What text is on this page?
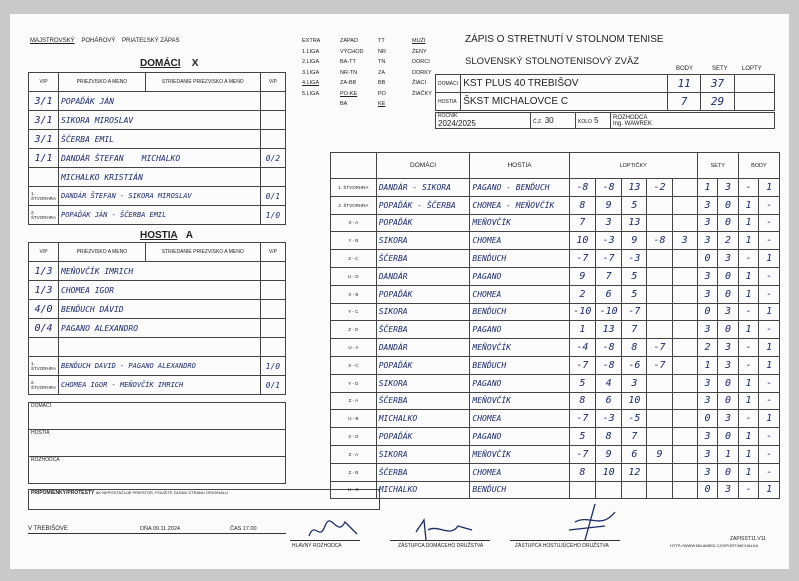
MAJSTROVSKÝ POHÁROVÝ PRIATEĽSKÝ ZÁPAS	EXTRA	ZÁPAD	TT	MUŽI
1.LIGA	VÝCHOD	NR	ŽENY
2.LIGA	BA-TT	TN	DORCI
3.LIGA	NR-TN	ZA	DORKY
4.LIGA	ZA-BB	BB	ŽIACI
5.LIGA	PO-KE	PO	ŽIAČKY
BA	KE
ZÁPIS O STRETNUTÍ V STOLNOM TENISE
SLOVENSKÝ STOLNOTENISOVÝ ZVÄZ
BODY	SETY LOPTY
DOMÁCI	KST PLUS 40 TREBIŠOV	11	37	
HOSTIA	ŠKST MICHALOVCE C	7	29	
ROČNÍK
2024/2025	Č.Z. 30	KOLO 5	ROZHODCA
Ing. WAWREK
DOMÁCI X
V/P	PRIEZVISKO A MENO	STRIEDANIE PRIEZVISKO A MENO	V/P
3/1	POPAĎÁK JÁN		
3/1	SIKORA MIROSLAV		
3/1	ŠČERBA EMIL		
1/1	DANDÁR ŠTEFAN MICHALKO		0/2
	MICHALKO KRISTIÁN		
1. ŠTVORHRA	DANDÁR ŠTEFAN - SIKORA MIROSLAV		0/1
2. ŠTVORHRA	POPAĎÁK JÁN - ŠČERBA EMIL		1/0
HOSTIA A
V/P	PRIEZVISKO A MENO	STRIEDANIE PRIEZVISKO A MENO	V/P
1/3	MEŇOVČÍK IMRICH		
1/3	CHOMEA IGOR		
4/0	BENĎUCH DÁVID		
0/4	PAGANO ALEXANDRO		

1. ŠTVORHRA	BENĎUCH DAVID - PAGANO ALEXANDRO		1/0
2. ŠTVORHRA	CHOMEA IGOR - MEŇOVČÍK IMRICH		0/1
DOMÁCI
HOSTIA
ROZHODCA
PRIPOMIENKY/PROTESTY AK NEPOSTAČUJE PRIESTOR, POUŽITE ZADNÚ STRANU ORIGINÁLU
V TREBIŠOVE	DŇA 09.11.2024	ČAS 17.00
	DOMÁCI	HOSTIA	LOPTIČKY					SETY		BODY	
1. ŠTVORHRA	DANDÁR - SIKORA	PAGANO - BENĎUCH	-8	-8	13	-2		1	3	-	1
2. ŠTVORHRA	POPAĎÁK - ŠČERBA	CHOMEA - MEŇOVČÍK	8	9	5			3	0	1	-
X - A	POPAĎÁK	MEŇOVČÍK	7	3	13			3	0	1	-
Y - B	SIKORA	CHOMEA	10	-3	9	-8	3	3	2	1	-
Z - C	ŠČERBA	BENĎUCH	-7	-7	-3			0	3	-	1
U - D	DANDÁR	PAGANO	9	7	5			3	0	1	-
X - B	POPAĎÁK	CHOMEA	2	6	5			3	0	1	-
Y - C	SIKORA	BENĎUCH	-10	-10	-7			0	3	-	1
Z - D	ŠČERBA	PAGANO	1	13	7			3	0	1	-
U - A	DANDÁR	MEŇOVČÍK	-4	-8	8	-7		2	3	-	1
X - C	POPAĎÁK	BENĎUCH	-7	-8	-6	-7		1	3	-	1
Y - D	SIKORA	PAGANO	5	4	3			3	0	1	-
Z - A	ŠČERBA	MEŇOVČÍK	8	6	10			3	0	1	-
U - B	MICHALKO	CHOMEA	-7	-3	-5			0	3	-	1
X - D	POPAĎÁK	PAGANO	5	8	7			3	0	1	-
Z - A	SIKORA	MEŇOVČÍK	-7	9	6	9		3	1	1	-
Z - B	ŠČERBA	CHOMEA	8	10	12			3	0	1	-
U - C	MICHALKO	BENĎUCH						0	3	-	1
HLAVNÝ ROZHODCA	ZÁSTUPCA DOMÁCEHO DRUŽSTVA	ZÁSTUPCA HOSTUJÚCEHO DRUŽSTVA
ZAPISST11.V11
HTTP://WWW.MILAMEDI.CZ/SPORT/MICHALKA
